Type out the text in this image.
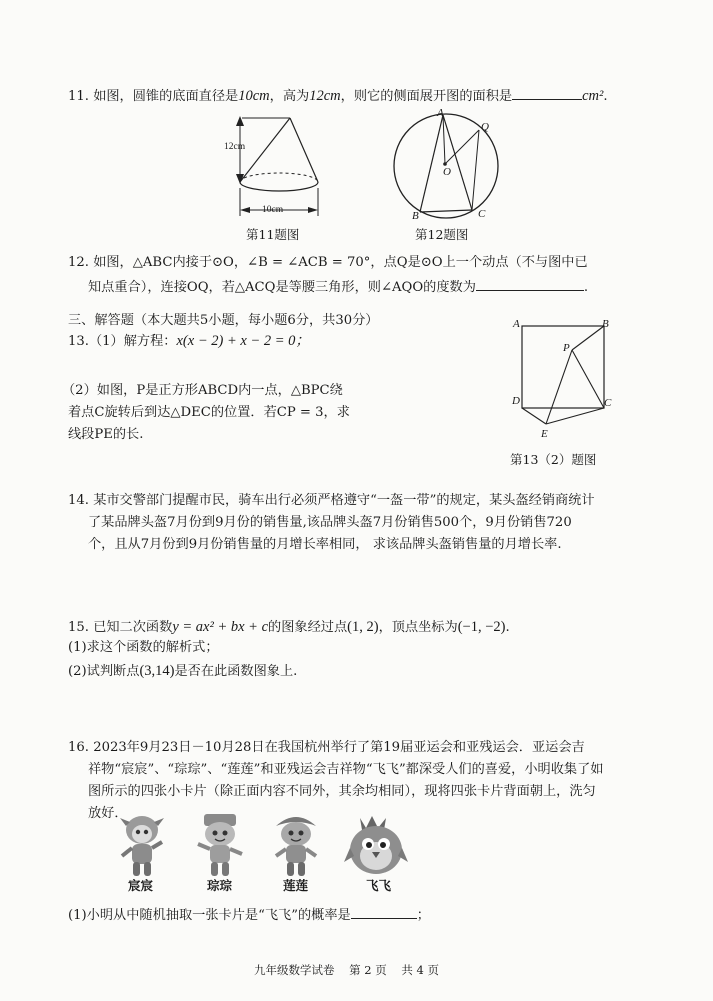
11. 如图，圆锥的底面直径是10cm，高为12cm，则它的侧面展开图的面积是	cm².
12cm
10cm
第11题图
A
Q
O
B	C
第12题图
12. 如图，△ABC内接于⊙O，∠B = ∠ACB = 70°，点Q是⊙O上一个动点（不与图中已
知点重合），连接OQ，若△ACQ是等腰三角形，则∠AQO的度数为	.
三、解答题（本大题共5小题，每小题6分，共30分）
13.（1）解方程：x(x − 2) + x − 2 = 0；
（2）如图，P是正方形ABCD内一点，△BPC绕
着点C旋转后到达△DEC的位置．若CP = 3，求
线段PE的长.
A	B
P
D	C
E
第13（2）题图
14. 某市交警部门提醒市民，骑车出行必须严格遵守“一盔一带”的规定，某头盔经销商统计
了某品牌头盔7月份到9月份的销售量,该品牌头盔7月份销售500个，9月份销售720
个，且从7月份到9月份销售量的月增长率相同， 求该品牌头盔销售量的月增长率.
15. 已知二次函数y = ax² + bx + c的图象经过点(1, 2)，顶点坐标为(−1, −2).
(1)求这个函数的解析式；
(2)试判断点(3,14)是否在此函数图象上.
16. 2023年9月23日－10月28日在我国杭州举行了第19届亚运会和亚残运会．亚运会吉
祥物“宸宸”、“琮琮”、“莲莲”和亚残运会吉祥物“飞飞”都深受人们的喜爱，小明收集了如
图所示的四张小卡片（除正面内容不同外，其余均相同），现将四张卡片背面朝上，洗匀
放好．
宸宸	琮琮	莲莲	飞飞
(1)小明从中随机抽取一张卡片是“飞飞”的概率是	；
九年级数学试卷    第 2 页    共 4 页
